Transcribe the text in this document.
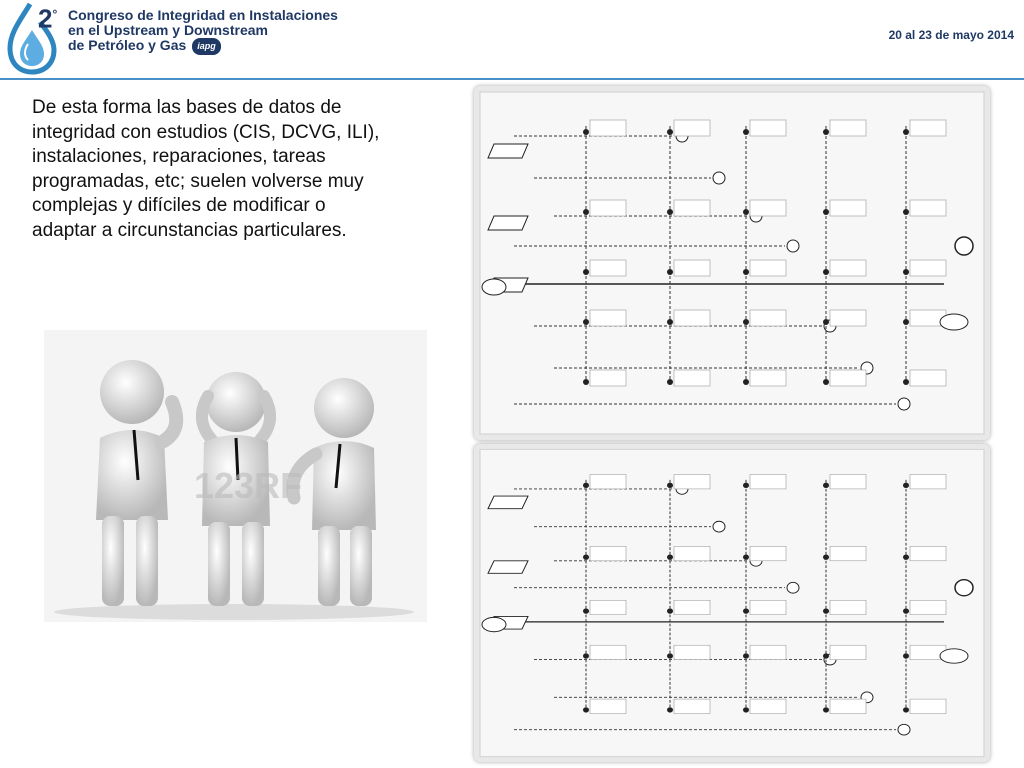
2° Congreso de Integridad en Instalaciones
en el Upstream y Downstream
de Petróleo y Gas iapg
20 al 23 de mayo 2014
De esta forma las bases de datos de integridad con estudios (CIS, DCVG, ILI), instalaciones, reparaciones, tareas programadas, etc; suelen volverse muy complejas y difíciles de modificar o adaptar a circunstancias particulares.
123RF
